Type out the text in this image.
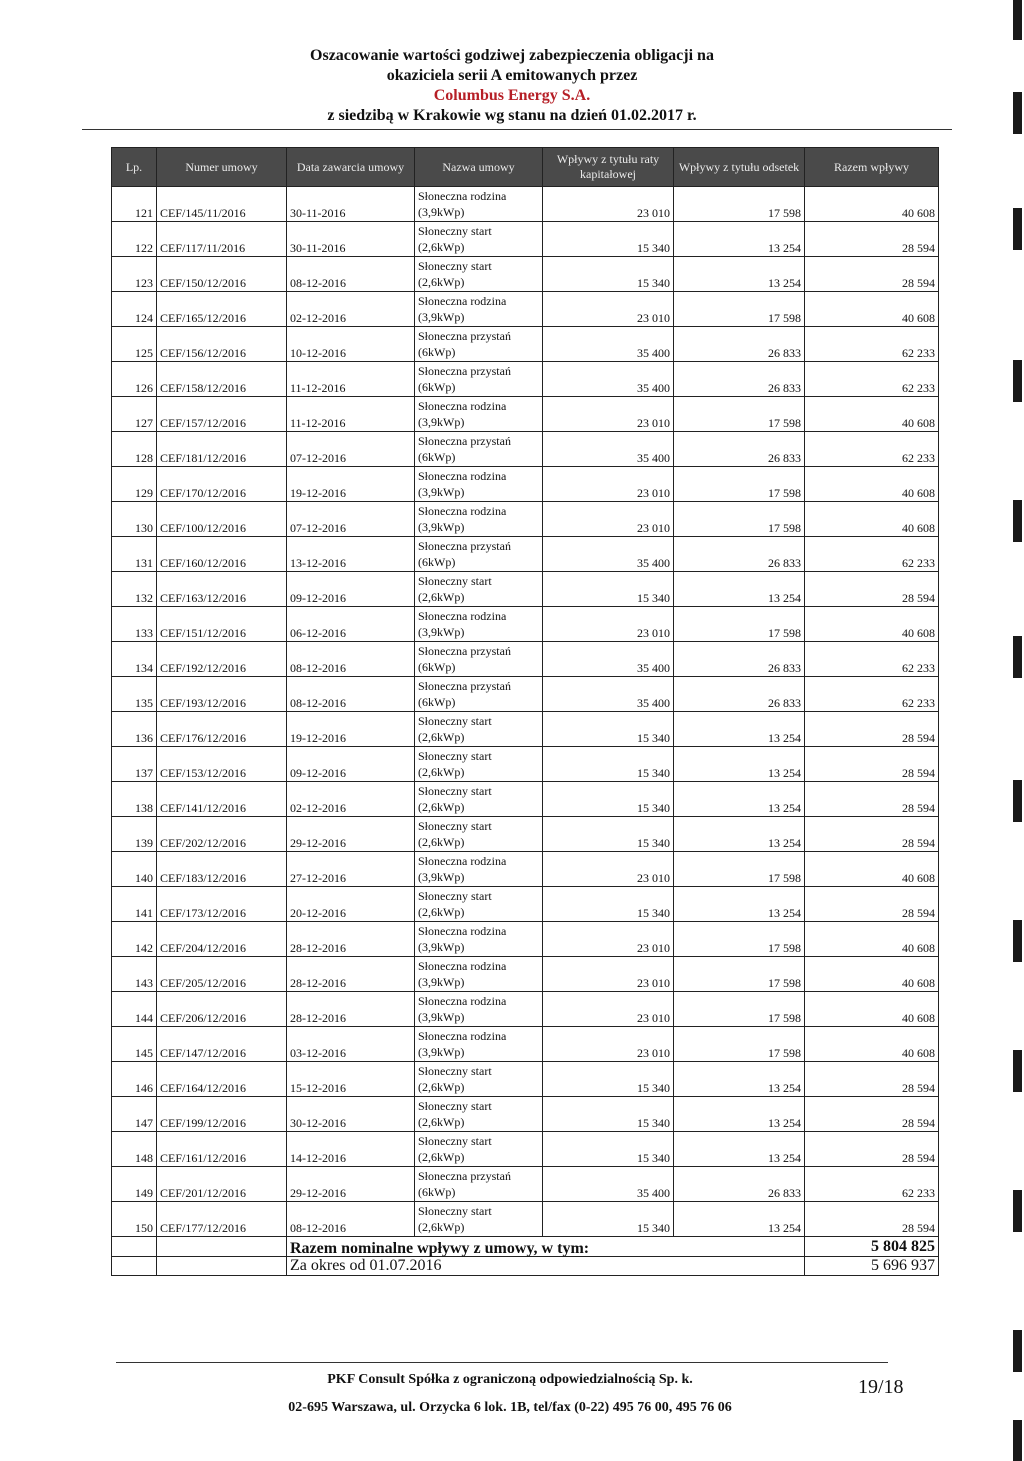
Oszacowanie wartości godziwej zabezpieczenia obligacji na
okaziciela serii A emitowanych przez
Columbus Energy S.A.
z siedzibą w Krakowie wg stanu na dzień 01.02.2017 r.
Lp.	Numer umowy	Data zawarcia umowy	Nazwa umowy	Wpływy z tytułu raty kapitałowej	Wpływy z tytułu odsetek	Razem wpływy
121	CEF/145/11/2016	30-11-2016	Słoneczna rodzina
(3,9kWp)	23 010	17 598	40 608
122	CEF/117/11/2016	30-11-2016	Słoneczny start
(2,6kWp)	15 340	13 254	28 594
123	CEF/150/12/2016	08-12-2016	Słoneczny start
(2,6kWp)	15 340	13 254	28 594
124	CEF/165/12/2016	02-12-2016	Słoneczna rodzina
(3,9kWp)	23 010	17 598	40 608
125	CEF/156/12/2016	10-12-2016	Słoneczna przystań
(6kWp)	35 400	26 833	62 233
126	CEF/158/12/2016	11-12-2016	Słoneczna przystań
(6kWp)	35 400	26 833	62 233
127	CEF/157/12/2016	11-12-2016	Słoneczna rodzina
(3,9kWp)	23 010	17 598	40 608
128	CEF/181/12/2016	07-12-2016	Słoneczna przystań
(6kWp)	35 400	26 833	62 233
129	CEF/170/12/2016	19-12-2016	Słoneczna rodzina
(3,9kWp)	23 010	17 598	40 608
130	CEF/100/12/2016	07-12-2016	Słoneczna rodzina
(3,9kWp)	23 010	17 598	40 608
131	CEF/160/12/2016	13-12-2016	Słoneczna przystań
(6kWp)	35 400	26 833	62 233
132	CEF/163/12/2016	09-12-2016	Słoneczny start
(2,6kWp)	15 340	13 254	28 594
133	CEF/151/12/2016	06-12-2016	Słoneczna rodzina
(3,9kWp)	23 010	17 598	40 608
134	CEF/192/12/2016	08-12-2016	Słoneczna przystań
(6kWp)	35 400	26 833	62 233
135	CEF/193/12/2016	08-12-2016	Słoneczna przystań
(6kWp)	35 400	26 833	62 233
136	CEF/176/12/2016	19-12-2016	Słoneczny start
(2,6kWp)	15 340	13 254	28 594
137	CEF/153/12/2016	09-12-2016	Słoneczny start
(2,6kWp)	15 340	13 254	28 594
138	CEF/141/12/2016	02-12-2016	Słoneczny start
(2,6kWp)	15 340	13 254	28 594
139	CEF/202/12/2016	29-12-2016	Słoneczny start
(2,6kWp)	15 340	13 254	28 594
140	CEF/183/12/2016	27-12-2016	Słoneczna rodzina
(3,9kWp)	23 010	17 598	40 608
141	CEF/173/12/2016	20-12-2016	Słoneczny start
(2,6kWp)	15 340	13 254	28 594
142	CEF/204/12/2016	28-12-2016	Słoneczna rodzina
(3,9kWp)	23 010	17 598	40 608
143	CEF/205/12/2016	28-12-2016	Słoneczna rodzina
(3,9kWp)	23 010	17 598	40 608
144	CEF/206/12/2016	28-12-2016	Słoneczna rodzina
(3,9kWp)	23 010	17 598	40 608
145	CEF/147/12/2016	03-12-2016	Słoneczna rodzina
(3,9kWp)	23 010	17 598	40 608
146	CEF/164/12/2016	15-12-2016	Słoneczny start
(2,6kWp)	15 340	13 254	28 594
147	CEF/199/12/2016	30-12-2016	Słoneczny start
(2,6kWp)	15 340	13 254	28 594
148	CEF/161/12/2016	14-12-2016	Słoneczny start
(2,6kWp)	15 340	13 254	28 594
149	CEF/201/12/2016	29-12-2016	Słoneczna przystań
(6kWp)	35 400	26 833	62 233
150	CEF/177/12/2016	08-12-2016	Słoneczny start
(2,6kWp)	15 340	13 254	28 594
		Razem nominalne wpływy z umowy, w tym:				5 804 825
		Za okres od 01.07.2016				5 696 937
PKF Consult Spółka z ograniczoną odpowiedzialnością Sp. k.
02-695 Warszawa, ul. Orzycka 6 lok. 1B, tel/fax (0-22) 495 76 00, 495 76 06
19/18
